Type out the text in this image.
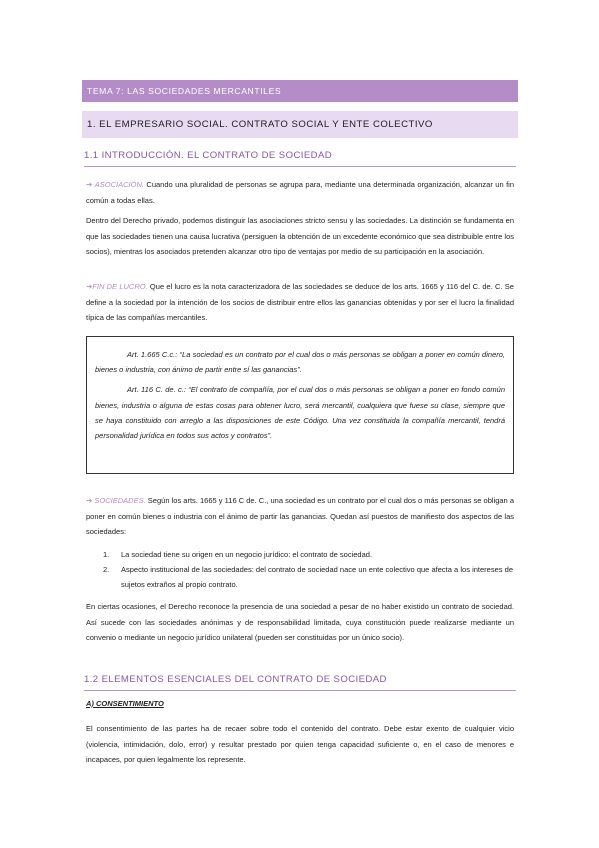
TEMA 7: LAS SOCIEDADES MERCANTILES
1. EL EMPRESARIO SOCIAL. CONTRATO SOCIAL Y ENTE COLECTIVO
1.1 INTRODUCCIÓN. EL CONTRATO DE SOCIEDAD
➔ ASOCIACIÓN. Cuando una pluralidad de personas se agrupa para, mediante una determinada organización, alcanzar un fin común a todas ellas.
Dentro del Derecho privado, podemos distinguir las asociaciones stricto sensu y las sociedades. La distinción se fundamenta en que las sociedades tienen una causa lucrativa (persiguen la obtención de un excedente económico que sea distribuible entre los socios), mientras los asociados pretenden alcanzar otro tipo de ventajas por medio de su participación en la asociación.
➔FIN DE LUCRO. Que el lucro es la nota caracterizadora de las sociedades se deduce de los arts. 1665 y 116 del C. de. C. Se define a la sociedad por la intención de los socios de distribuir entre ellos las ganancias obtenidas y por ser el lucro la finalidad típica de las compañías mercantiles.

Art. 1.665 C.c.: “La sociedad es un contrato por el cual dos o más personas se obligan a poner en común dinero, bienes o industria, con ánimo de partir entre sí las ganancias”.

Art. 116 C. de. c.: “El contrato de compañía, por el cual dos o más personas se obligan a poner en fondo común bienes, industria o alguna de estas cosas para obtener lucro, será mercantil, cualquiera que fuese su clase, siempre que se haya constituido con arreglo a las disposiciones de este Código. Una vez constituida la compañía mercantil, tendrá personalidad jurídica en todos sus actos y contratos”.

➔ SOCIEDADES. Según los arts. 1665 y 116 C de. C., una sociedad es un contrato por el cual dos o más personas se obligan a poner en común bienes o industria con el ánimo de partir las ganancias. Quedan así puestos de manifiesto dos aspectos de las sociedades:
1. La sociedad tiene su origen en un negocio jurídico: el contrato de sociedad.
2. Aspecto institucional de las sociedades: del contrato de sociedad nace un ente colectivo que afecta a los intereses de sujetos extraños al propio contrato.
En ciertas ocasiones, el Derecho reconoce la presencia de una sociedad a pesar de no haber existido un contrato de sociedad. Así sucede con las sociedades anónimas y de responsabilidad limitada, cuya constitución puede realizarse mediante un convenio o mediante un negocio jurídico unilateral (pueden ser constituidas por un único socio).
1.2 ELEMENTOS ESENCIALES DEL CONTRATO DE SOCIEDAD
A) CONSENTIMIENTO
El consentimiento de las partes ha de recaer sobre todo el contenido del contrato. Debe estar exento de cualquier vicio (violencia, intimidación, dolo, error) y resultar prestado por quien tenga capacidad suficiente o, en el caso de menores e incapaces, por quien legalmente los represente.
